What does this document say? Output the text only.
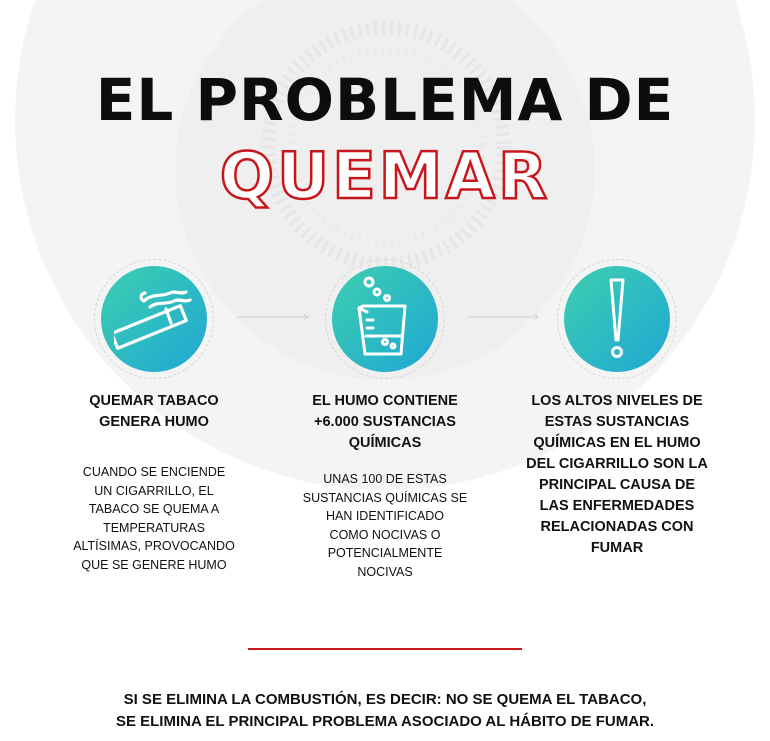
EL PROBLEMA DE
QUEMAR
QUEMAR TABACO
GENERA HUMO
CUANDO SE ENCIENDE
UN CIGARRILLO, EL
TABACO SE QUEMA A
TEMPERATURAS
ALTÍSIMAS, PROVOCANDO
QUE SE GENERE HUMO
EL HUMO CONTIENE
+6.000 SUSTANCIAS
QUÍMICAS
UNAS 100 DE ESTAS
SUSTANCIAS QUÍMICAS SE
HAN IDENTIFICADO
COMO NOCIVAS O
POTENCIALMENTE
NOCIVAS
LOS ALTOS NIVELES DE
ESTAS SUSTANCIAS
QUÍMICAS EN EL HUMO
DEL CIGARRILLO SON LA
PRINCIPAL CAUSA DE
LAS ENFERMEDADES
RELACIONADAS CON
FUMAR
SI SE ELIMINA LA COMBUSTIÓN, ES DECIR: NO SE QUEMA EL TABACO,
SE ELIMINA EL PRINCIPAL PROBLEMA ASOCIADO AL HÁBITO DE FUMAR.
